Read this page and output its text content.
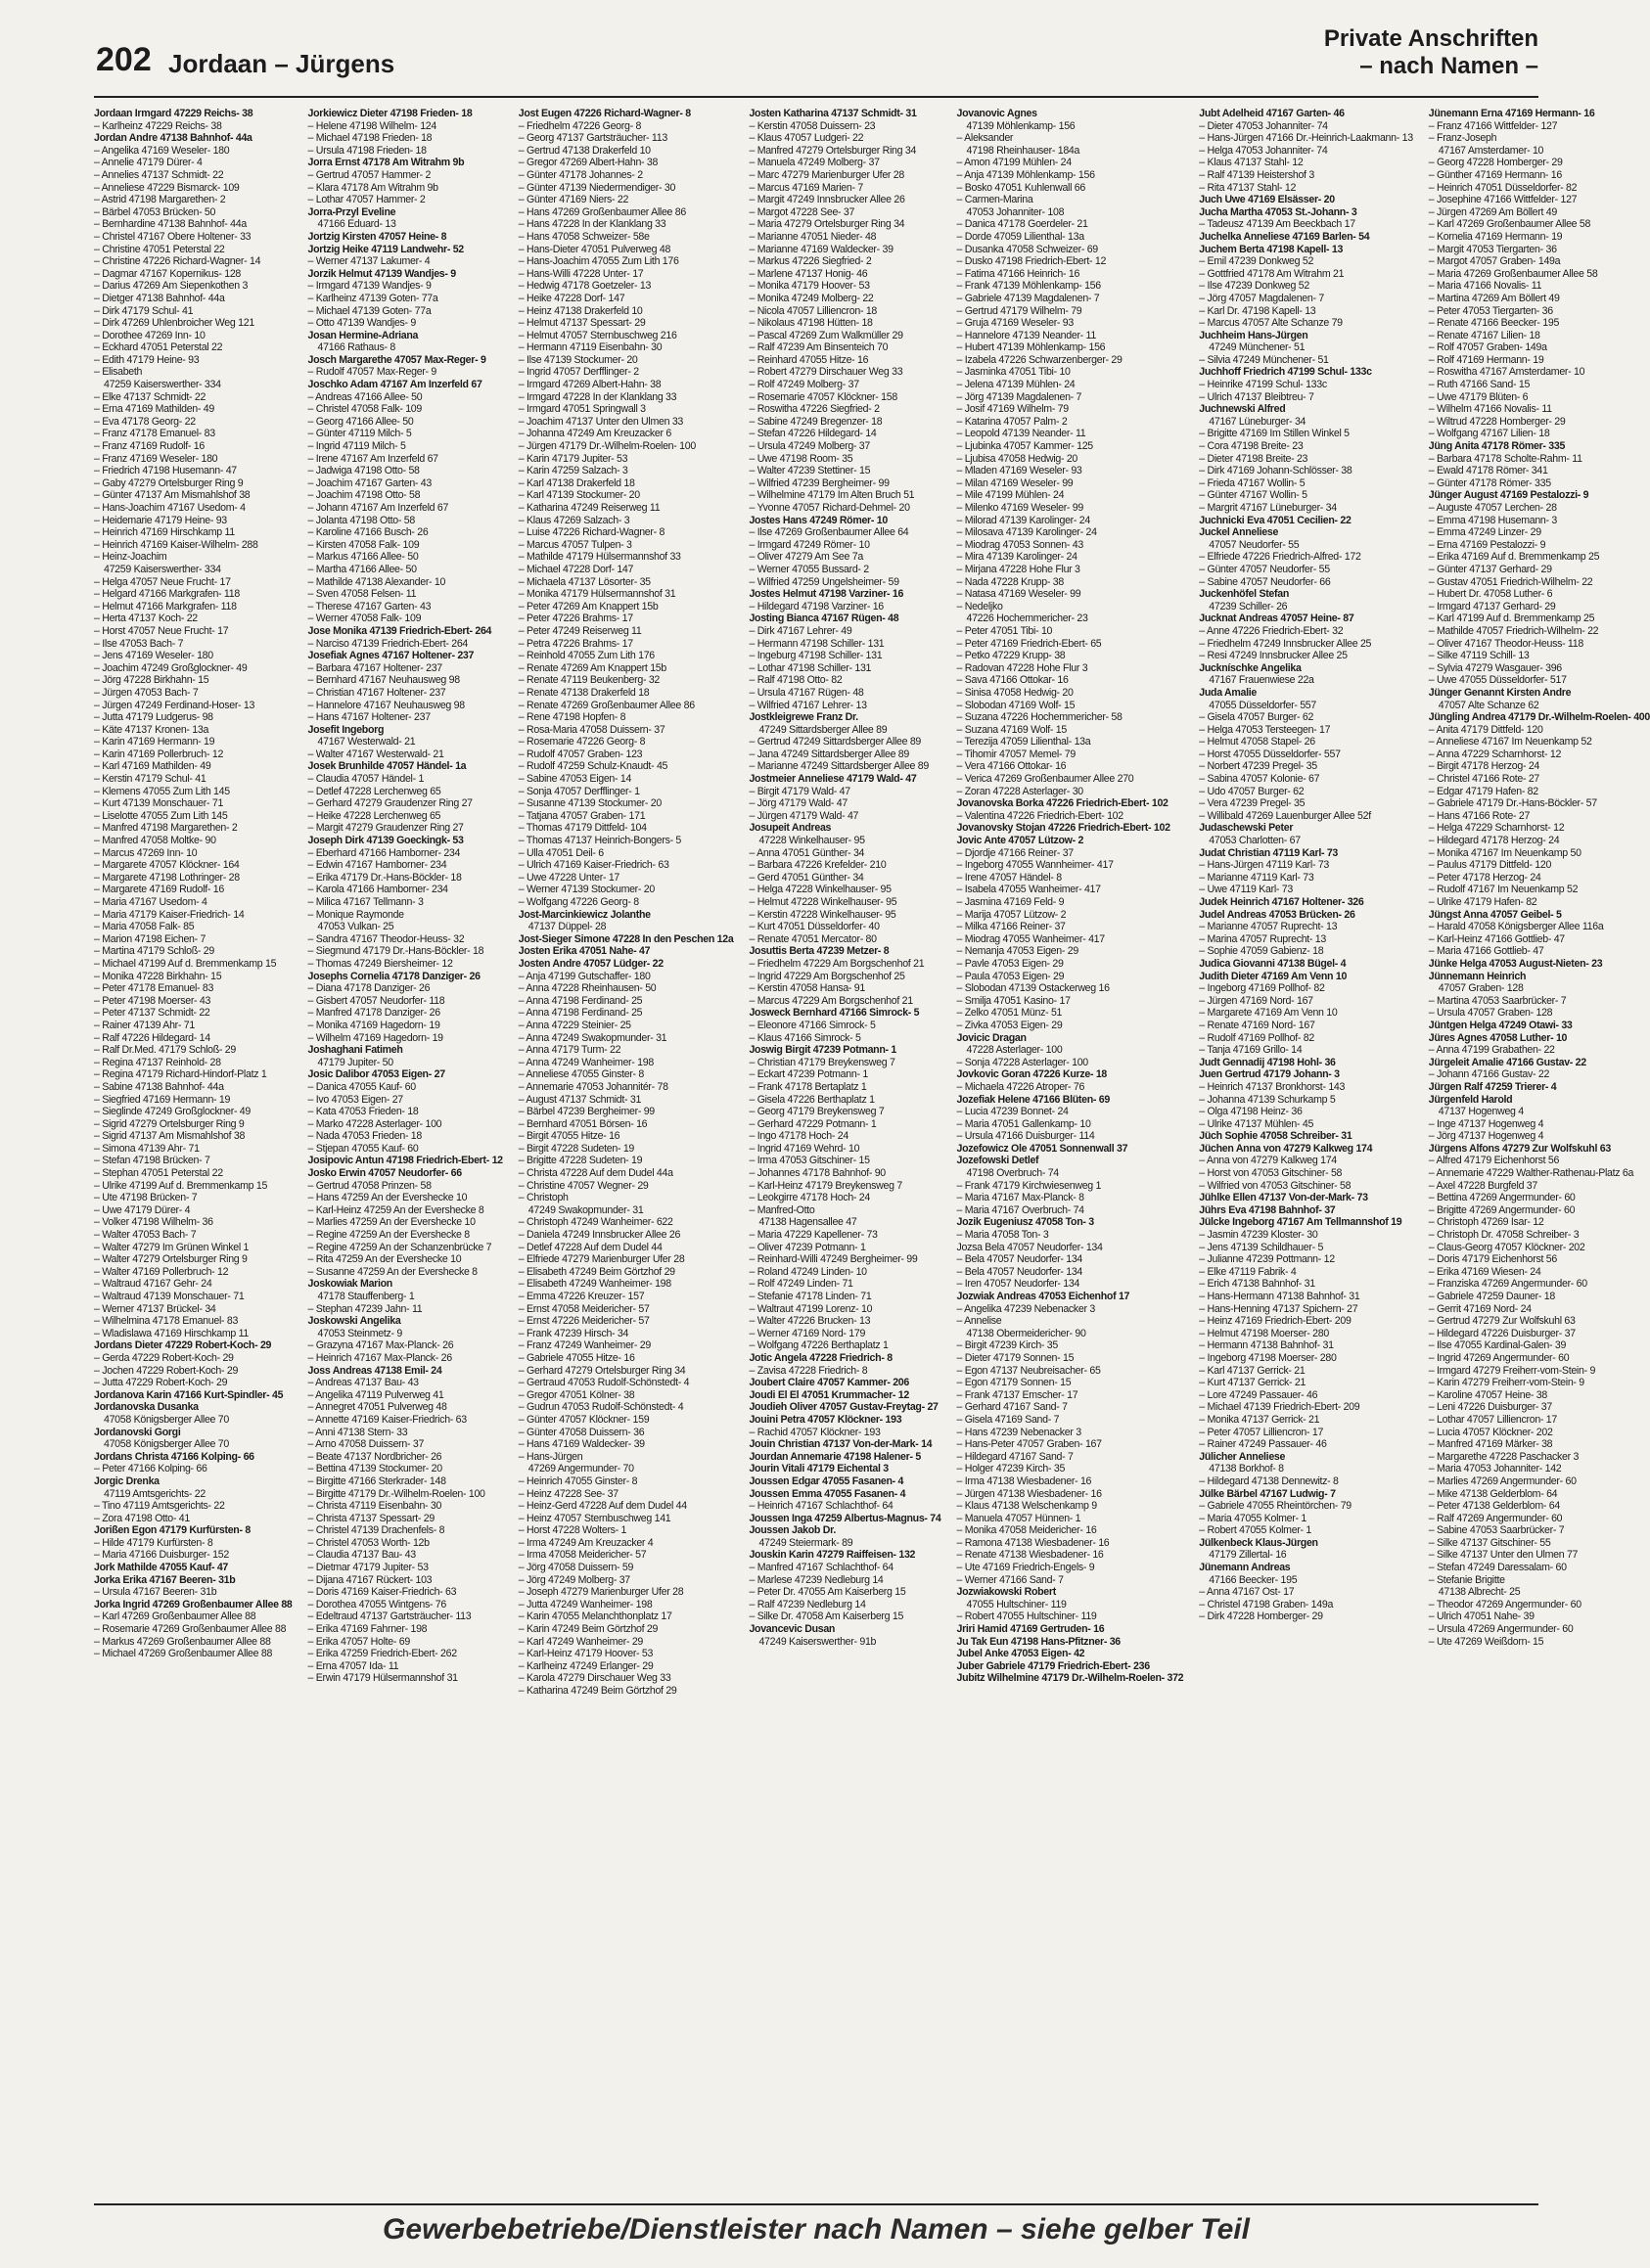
202 Jordaan – Jürgens
Private Anschriften
– nach Namen –
Jordaan Irmgard 47229 Reichs- 38
– Karlheinz 47229 Reichs- 38
Jordan Andre 47138 Bahnhof- 44a
– Angelika 47169 Weseler- 180
– Annelie 47179 Dürer- 4
– Annelies 47137 Schmidt- 22
– Anneliese 47229 Bismarck- 109
– Astrid 47198 Margarethen- 2
– Bärbel 47053 Brücken- 50
– Bernhardine 47138 Bahnhof- 44a
– Christel 47167 Obere Holtener- 33
– Christine 47051 Peterstal 22
– Christine 47226 Richard-Wagner- 14
– Dagmar 47167 Kopernikus- 128
– Darius 47269 Am Siepenkothen 3
– Dietger 47138 Bahnhof- 44a
– Dirk 47179 Schul- 41
– Dirk 47269 Uhlenbroicher Weg 121
– Dorothee 47269 Inn- 10
– Eckhard 47051 Peterstal 22
– Edith 47179 Heine- 93
– Elisabeth
47259 Kaiserswerther- 334
– Elke 47137 Schmidt- 22
– Erna 47169 Mathilden- 49
– Eva 47178 Georg- 22
– Franz 47178 Emanuel- 83
– Franz 47169 Rudolf- 16
– Franz 47169 Weseler- 180
– Friedrich 47198 Husemann- 47
– Gaby 47279 Ortelsburger Ring 9
– Günter 47137 Am Mismahlshof 38
– Hans-Joachim 47167 Usedom- 4
– Heidemarie 47179 Heine- 93
– Heinrich 47169 Hirschkamp 11
– Heinrich 47169 Kaiser-Wilhelm- 288
– Heinz-Joachim
47259 Kaiserswerther- 334
– Helga 47057 Neue Frucht- 17
– Helgard 47166 Markgrafen- 118
– Helmut 47166 Markgrafen- 118
– Herta 47137 Koch- 22
– Horst 47057 Neue Frucht- 17
– Ilse 47053 Bach- 7
– Jens 47169 Weseler- 180
– Joachim 47249 Großglockner- 49
– Jörg 47228 Birkhahn- 15
– Jürgen 47053 Bach- 7
– Jürgen 47249 Ferdinand-Hoser- 13
– Jutta 47179 Ludgerus- 98
– Käte 47137 Kronen- 13a
– Karin 47169 Hermann- 19
– Karin 47169 Pollerbruch- 12
– Karl 47169 Mathilden- 49
– Kerstin 47179 Schul- 41
– Klemens 47055 Zum Lith 145
– Kurt 47139 Monschauer- 71
– Liselotte 47055 Zum Lith 145
– Manfred 47198 Margarethen- 2
– Manfred 47058 Moltke- 90
– Marcus 47269 Inn- 10
– Margarete 47057 Klöckner- 164
– Margarete 47198 Lothringer- 28
– Margarete 47169 Rudolf- 16
– Maria 47167 Usedom- 4
– Maria 47179 Kaiser-Friedrich- 14
– Maria 47058 Falk- 85
– Marion 47198 Eichen- 7
– Martina 47179 Schloß- 29
– Michael 47199 Auf d. Bremmenkamp 15
– Monika 47228 Birkhahn- 15
– Peter 47178 Emanuel- 83
– Peter 47198 Moerser- 43
– Peter 47137 Schmidt- 22
– Rainer 47139 Ahr- 71
– Ralf 47226 Hildegard- 14
– Ralf Dr.Med. 47179 Schloß- 29
– Regina 47137 Reinhold- 28
– Regina 47179 Richard-Hindorf-Platz 1
– Sabine 47138 Bahnhof- 44a
– Siegfried 47169 Hermann- 19
– Sieglinde 47249 Großglockner- 49
– Sigrid 47279 Ortelsburger Ring 9
– Sigrid 47137 Am Mismahlshof 38
– Simona 47139 Ahr- 71
– Stefan 47198 Brücken- 7
– Stephan 47051 Peterstal 22
– Ulrike 47199 Auf d. Bremmenkamp 15
– Ute 47198 Brücken- 7
– Uwe 47179 Dürer- 4
– Volker 47198 Wilhelm- 36
– Walter 47053 Bach- 7
– Walter 47279 Im Grünen Winkel 1
– Walter 47279 Ortelsburger Ring 9
– Walter 47169 Pollerbruch- 12
– Waltraud 47167 Gehr- 24
– Waltraud 47139 Monschauer- 71
– Werner 47137 Brückel- 34
– Wilhelmina 47178 Emanuel- 83
– Wladislawa 47169 Hirschkamp 11
Jordans Dieter 47229 Robert-Koch- 29
– Gerda 47229 Robert-Koch- 29
– Jochen 47229 Robert-Koch- 29
– Jutta 47229 Robert-Koch- 29
Jordanova Karin 47166 Kurt-Spindler- 45
Jordanovska Dusanka
47058 Königsberger Allee 70
Jordanovski Gorgi
47058 Königsberger Allee 70
Jordans Christa 47166 Kolping- 66
– Peter 47166 Kolping- 66
Jorgic Drenka
47119 Amtsgerichts- 22
– Tino 47119 Amtsgerichts- 22
– Zora 47198 Otto- 41
Jorißen Egon 47179 Kurfürsten- 8
– Hilde 47179 Kurfürsten- 8
– Maria 47166 Duisburger- 152
Jork Mathilde 47055 Kauf- 47
Jorka Erika 47167 Beeren- 31b
– Ursula 47167 Beeren- 31b
Jorka Ingrid 47269 Großenbaumer Allee 88
– Karl 47269 Großenbaumer Allee 88
– Rosemarie 47269 Großenbaumer Allee 88
– Markus 47269 Großenbaumer Allee 88
– Michael 47269 Großenbaumer Allee 88
Jorkiewicz Dieter 47198 Frieden- 18
– Helene 47198 Wilhelm- 124
– Michael 47198 Frieden- 18
– Ursula 47198 Frieden- 18
Jorra Ernst 47178 Am Witrahm 9b
– Gertrud 47057 Hammer- 2
– Klara 47178 Am Witrahm 9b
– Lothar 47057 Hammer- 2
Jorra-Przyl Eveline
47166 Eduard- 13
Jortzig Kirsten 47057 Heine- 8
Jortzig Heike 47119 Landwehr- 52
– Werner 47137 Lakumer- 4
Jorzik Helmut 47139 Wandjes- 9
– Irmgard 47139 Wandjes- 9
– Karlheinz 47139 Goten- 77a
– Michael 47139 Goten- 77a
– Otto 47139 Wandjes- 9
Josan Hermine-Adriana
47166 Rathaus- 8
Josch Margarethe 47057 Max-Reger- 9
– Rudolf 47057 Max-Reger- 9
Joschko Adam 47167 Am Inzerfeld 67
– Andreas 47166 Allee- 50
– Christel 47058 Falk- 109
– Georg 47166 Allee- 50
– Günter 47119 Milch- 5
– Ingrid 47119 Milch- 5
– Irene 47167 Am Inzerfeld 67
– Jadwiga 47198 Otto- 58
– Joachim 47167 Garten- 43
– Joachim 47198 Otto- 58
– Johann 47167 Am Inzerfeld 67
– Jolanta 47198 Otto- 58
– Karoline 47166 Busch- 26
– Kirsten 47058 Falk- 109
– Markus 47166 Allee- 50
– Martha 47166 Allee- 50
– Mathilde 47138 Alexander- 10
– Sven 47058 Felsen- 11
– Therese 47167 Garten- 43
– Werner 47058 Falk- 109
Jose Monika 47139 Friedrich-Ebert- 264
– Narciso 47139 Friedrich-Ebert- 264
Josefiak Agnes 47167 Holtener- 237
– Barbara 47167 Holtener- 237
– Bernhard 47167 Neuhausweg 98
– Christian 47167 Holtener- 237
– Hannelore 47167 Neuhausweg 98
– Hans 47167 Holtener- 237
Josefit Ingeborg
47167 Westerwald- 21
– Walter 47167 Westerwald- 21
Josek Brunhilde 47057 Händel- 1a
– Claudia 47057 Händel- 1
– Detlef 47228 Lerchenweg 65
– Gerhard 47279 Graudenzer Ring 27
– Heike 47228 Lerchenweg 65
– Margit 47279 Graudenzer Ring 27
Joseph Dirk 47139 Goeckingk- 53
– Eberhard 47166 Hamborner- 234
– Edwin 47167 Hamborner- 234
– Erika 47179 Dr.-Hans-Böckler- 18
– Karola 47166 Hamborner- 234
– Milica 47167 Tellmann- 3
– Monique Raymonde
47053 Vulkan- 25
– Sandra 47167 Theodor-Heuss- 32
– Siegmund 47179 Dr.-Hans-Böckler- 18
– Thomas 47249 Biersheimer- 12
Josephs Cornelia 47178 Danziger- 26
– Diana 47178 Danziger- 26
– Gisbert 47057 Neudorfer- 118
– Manfred 47178 Danziger- 26
– Monika 47169 Hagedorn- 19
– Wilhelm 47169 Hagedorn- 19
Joshaghani Fatimeh
47179 Jupiter- 50
Josic Dalibor 47053 Eigen- 27
– Danica 47055 Kauf- 60
– Ivo 47053 Eigen- 27
– Kata 47053 Frieden- 18
– Marko 47228 Asterlager- 100
– Nada 47053 Frieden- 18
– Stjepan 47055 Kauf- 60
Josipovic Antun 47198 Friedrich-Ebert- 12
Josko Erwin 47057 Neudorfer- 66
– Gertrud 47058 Prinzen- 58
– Hans 47259 An der Evershecke 10
– Karl-Heinz 47259 An der Evershecke 8
– Marlies 47259 An der Evershecke 10
– Regine 47259 An der Evershecke 8
– Regine 47259 An der Schanzenbrücke 7
– Rita 47259 An der Evershecke 10
– Susanne 47259 An der Evershecke 8
Joskowiak Marion
47178 Stauffenberg- 1
– Stephan 47239 Jahn- 11
Joskowski Angelika
47053 Steinmetz- 9
– Grazyna 47167 Max-Planck- 26
– Heinrich 47167 Max-Planck- 26
Joss Andreas 47138 Emil- 24
– Andreas 47137 Bau- 43
– Angelika 47119 Pulverweg 41
– Annegret 47051 Pulverweg 48
– Annette 47169 Kaiser-Friedrich- 63
– Anni 47138 Stern- 33
– Arno 47058 Duissern- 37
– Beate 47137 Nordbricher- 26
– Bettina 47139 Stockumer- 20
– Birgitte 47166 Sterkrader- 148
– Birgitte 47179 Dr.-Wilhelm-Roelen- 100
– Christa 47119 Eisenbahn- 30
– Christa 47137 Spessart- 29
– Christel 47139 Drachenfels- 8
– Christel 47053 Worth- 12b
– Claudia 47137 Bau- 43
– Dietmar 47179 Jupiter- 53
– Dijana 47167 Rückert- 103
– Doris 47169 Kaiser-Friedrich- 63
– Dorothea 47055 Wintgens- 76
– Edeltraud 47137 Gartsträucher- 113
– Erika 47169 Fahrner- 198
– Erika 47057 Holte- 69
– Erika 47259 Friedrich-Ebert- 262
– Erna 47057 Ida- 11
– Erwin 47179 Hülsermannshof 31
Jost Eugen 47226 Richard-Wagner- 8
– Friedhelm 47226 Georg- 8
– Georg 47137 Gartsträucher- 113
– Gertrud 47138 Drakerfeld 10
– Gregor 47269 Albert-Hahn- 38
– Günter 47178 Johannes- 2
– Günter 47139 Niedermendiger- 30
– Günter 47169 Niers- 22
– Hans 47269 Großenbaumer Allee 86
– Hans 47228 In der Klanklang 33
– Hans 47058 Schweizer- 58e
– Hans-Dieter 47051 Pulverweg 48
– Hans-Joachim 47055 Zum Lith 176
– Hans-Willi 47228 Unter- 17
– Hedwig 47178 Goetzeler- 13
– Heike 47228 Dorf- 147
– Heinz 47138 Drakerfeld 10
– Helmut 47137 Spessart- 29
– Helmut 47057 Sternbuschweg 216
– Hermann 47119 Eisenbahn- 30
– Ilse 47139 Stockumer- 20
– Ingrid 47057 Derfflinger- 2
– Irmgard 47269 Albert-Hahn- 38
– Irmgard 47228 In der Klanklang 33
– Irmgard 47051 Springwall 3
– Joachim 47137 Unter den Ulmen 33
– Johanna 47249 Am Kreuzacker 6
– Jürgen 47179 Dr.-Wilhelm-Roelen- 100
– Karin 47179 Jupiter- 53
– Karin 47259 Salzach- 3
– Karl 47138 Drakerfeld 18
– Karl 47139 Stockumer- 20
– Katharina 47249 Reiserweg 11
– Klaus 47269 Salzach- 3
– Luise 47226 Richard-Wagner- 8
– Marcus 47057 Tulpen- 3
– Mathilde 47179 Hülsermannshof 33
– Michael 47228 Dorf- 147
– Michaela 47137 Lösorter- 35
– Monika 47179 Hülsermannshof 31
– Peter 47269 Am Knappert 15b
– Peter 47226 Brahms- 17
– Peter 47249 Reiserweg 11
– Petra 47226 Brahms- 17
– Reinhold 47055 Zum Lith 176
– Renate 47269 Am Knappert 15b
– Renate 47119 Beukenberg- 32
– Renate 47138 Drakerfeld 18
– Renate 47269 Großenbaumer Allee 86
– Rene 47198 Hopfen- 8
– Rosa-Maria 47058 Duissern- 37
– Rosemarie 47226 Georg- 8
– Rudolf 47057 Graben- 123
– Rudolf 47259 Schulz-Knaudt- 45
– Sabine 47053 Eigen- 14
– Sonja 47057 Derfflinger- 1
– Susanne 47139 Stockumer- 20
– Tatjana 47057 Graben- 171
– Thomas 47179 Dittfeld- 104
– Thomas 47137 Heinrich-Bongers- 5
– Ulla 47051 Deil- 6
– Ulrich 47169 Kaiser-Friedrich- 63
– Uwe 47228 Unter- 17
– Werner 47139 Stockumer- 20
– Wolfgang 47226 Georg- 8
Jost-Marcinkiewicz Jolanthe
47137 Düppel- 28
Jost-Sieger Simone 47228 In den Peschen 12a
Josten Erika 47051 Nahe- 47
Josten Andre 47057 Lüdger- 22
– Anja 47199 Gutschaffer- 180
– Anna 47228 Rheinhausen- 50
– Anna 47198 Ferdinand- 25
– Anna 47198 Ferdinand- 25
– Anna 47229 Steinier- 25
– Anna 47249 Swakopmunder- 31
– Anna 47179 Turm- 22
– Anna 47249 Wanheimer- 198
– Anneliese 47055 Ginster- 8
– Annemarie 47053 Johannitér- 78
– August 47137 Schmidt- 31
– Bärbel 47239 Bergheimer- 99
– Bernhard 47051 Börsen- 16
– Birgit 47055 Hitze- 16
– Birgit 47228 Sudeten- 19
– Brigitte 47228 Sudeten- 19
– Christa 47228 Auf dem Dudel 44a
– Christine 47057 Wegner- 29
– Christoph
47249 Swakopmunder- 31
– Christoph 47249 Wanheimer- 622
– Daniela 47249 Innsbrucker Allee 26
– Detlef 47228 Auf dem Dudel 44
– Elfriede 47279 Marienburger Ufer 28
– Elisabeth 47249 Beim Görtzhof 29
– Elisabeth 47249 Wanheimer- 198
– Emma 47226 Kreuzer- 157
– Ernst 47058 Meidericher- 57
– Ernst 47226 Meidericher- 57
– Frank 47239 Hirsch- 34
– Franz 47249 Wanheimer- 29
– Gabriele 47055 Hitze- 16
– Gerhard 47279 Ortelsburger Ring 34
– Gertraud 47053 Rudolf-Schönstedt- 4
– Gregor 47051 Kölner- 38
– Gudrun 47053 Rudolf-Schönstedt- 4
– Günter 47057 Klöckner- 159
– Günter 47058 Duissern- 36
– Hans 47169 Waldecker- 39
– Hans-Jürgen
47269 Angermunder- 70
– Heinrich 47055 Ginster- 8
– Heinz 47228 See- 37
– Heinz-Gerd 47228 Auf dem Dudel 44
– Heinz 47057 Sternbuschweg 141
– Horst 47228 Wolters- 1
– Irma 47249 Am Kreuzacker 4
– Irma 47058 Meidericher- 57
– Jörg 47058 Duissern- 59
– Jörg 47249 Molberg- 37
– Joseph 47279 Marienburger Ufer 28
– Jutta 47249 Wanheimer- 198
– Karin 47055 Melanchthonplatz 17
– Karin 47249 Beim Görtzhof 29
– Karl 47249 Wanheimer- 29
– Karl-Heinz 47179 Hoover- 53
– Karlheinz 47249 Erlanger- 29
– Karola 47279 Dirschauer Weg 33
– Katharina 47249 Beim Görtzhof 29
Josten Katharina 47137 Schmidt- 31
– Kerstin 47058 Duissern- 23
– Klaus 47057 Ludgeri- 22
– Manfred 47279 Ortelsburger Ring 34
– Manuela 47249 Molberg- 37
– Marc 47279 Marienburger Ufer 28
– Marcus 47169 Marien- 7
– Margit 47249 Innsbrucker Allee 26
– Margot 47228 See- 37
– Maria 47279 Ortelsburger Ring 34
– Marianne 47051 Nieder- 48
– Marianne 47169 Waldecker- 39
– Markus 47226 Siegfried- 2
– Marlene 47137 Honig- 46
– Monika 47179 Hoover- 53
– Monika 47249 Molberg- 22
– Nicola 47057 Lilliencron- 18
– Nikolaus 47198 Hütten- 18
– Pascal 47269 Zum Walkmüller 29
– Ralf 47239 Am Binsenteich 70
– Reinhard 47055 Hitze- 16
– Robert 47279 Dirschauer Weg 33
– Rolf 47249 Molberg- 37
– Rosemarie 47057 Klöckner- 158
– Roswitha 47226 Siegfried- 2
– Sabine 47249 Bregenzer- 18
– Stefan 47226 Hildegard- 14
– Ursula 47249 Molberg- 37
– Uwe 47198 Room- 35
– Walter 47239 Stettiner- 15
– Wilfried 47239 Bergheimer- 99
– Wilhelmine 47179 Im Alten Bruch 51
– Yvonne 47057 Richard-Dehmel- 20
Jostes Hans 47249 Römer- 10
– Ilse 47269 Großenbaumer Allee 64
– Irmgard 47249 Römer- 10
– Oliver 47279 Am See 7a
– Werner 47055 Bussard- 2
– Wilfried 47259 Ungelsheimer- 59
Jostes Helmut 47198 Varziner- 16
– Hildegard 47198 Varziner- 16
Josting Bianca 47167 Rügen- 48
– Dirk 47167 Lehrer- 49
– Hermann 47198 Schiller- 131
– Ingeburg 47198 Schiller- 131
– Lothar 47198 Schiller- 131
– Ralf 47198 Otto- 82
– Ursula 47167 Rügen- 48
– Wilfried 47167 Lehrer- 13
Jostkleigrewe Franz Dr.
47249 Sittardsberger Allee 89
– Gertrud 47249 Sittardsberger Allee 89
– Jana 47249 Sittardsberger Allee 89
– Marianne 47249 Sittardsberger Allee 89
Jostmeier Anneliese 47179 Wald- 47
– Birgit 47179 Wald- 47
– Jörg 47179 Wald- 47
– Jürgen 47179 Wald- 47
Josupeit Andreas
47228 Winkelhauser- 95
– Anna 47051 Günther- 34
– Barbara 47226 Krefelder- 210
– Gerd 47051 Günther- 34
– Helga 47228 Winkelhauser- 95
– Helmut 47228 Winkelhauser- 95
– Kerstin 47228 Winkelhauser- 95
– Kurt 47051 Düsseldorfer- 40
– Renate 47051 Mercator- 80
Josuttis Berta 47239 Metzer- 8
– Friedhelm 47229 Am Borgschenhof 21
– Ingrid 47229 Am Borgschenhof 25
– Kerstin 47058 Hansa- 91
– Marcus 47229 Am Borgschenhof 21
Josweck Bernhard 47166 Simrock- 5
– Eleonore 47166 Simrock- 5
– Klaus 47166 Simrock- 5
Joswig Birgit 47239 Potmann- 1
– Christian 47179 Breykensweg 7
– Eckart 47239 Potmann- 1
– Frank 47178 Bertaplatz 1
– Gisela 47226 Berthaplatz 1
– Georg 47179 Breykensweg 7
– Gerhard 47229 Potmann- 1
– Ingo 47178 Hoch- 24
– Ingrid 47169 Wehrd- 10
– Irma 47053 Gitschiner- 15
– Johannes 47178 Bahnhof- 90
– Karl-Heinz 47179 Breykensweg 7
– Leokgirre 47178 Hoch- 24
– Manfred-Otto
47138 Hagensallee 47
– Maria 47229 Kapellener- 73
– Oliver 47239 Potmann- 1
– Reinhard-Willi 47249 Bergheimer- 99
– Roland 47249 Linden- 10
– Rolf 47249 Linden- 71
– Stefanie 47178 Linden- 71
– Waltraut 47199 Lorenz- 10
– Walter 47226 Brucken- 13
– Werner 47169 Nord- 179
– Wolfgang 47226 Berthaplatz 1
Jotic Angela 47228 Friedrich- 8
– Zavisa 47228 Friedrich- 8
Joubert Claire 47057 Kammer- 206
Joudi El El 47051 Krummacher- 12
Joudieh Oliver 47057 Gustav-Freytag- 27
Jouini Petra 47057 Klöckner- 193
– Rachid 47057 Klöckner- 193
Jouin Christian 47137 Von-der-Mark- 14
Jourdan Annemarie 47198 Halener- 5
Jourin Vitali 47179 Eichental 3
Joussen Edgar 47055 Fasanen- 4
Joussen Emma 47055 Fasanen- 4
– Heinrich 47167 Schlachthof- 64
Joussen Inga 47259 Albertus-Magnus- 74
Joussen Jakob Dr.
47249 Steiermark- 89
Jouskin Karin 47279 Raiffeisen- 132
– Manfred 47167 Schlachthof- 64
– Marlese 47239 Nedleburg 14
– Peter Dr. 47055 Am Kaiserberg 15
– Ralf 47239 Nedleburg 14
– Silke Dr. 47058 Am Kaiserberg 15
Jovancevic Dusan
47249 Kaiserswerther- 91b
Jovanovic Agnes
47139 Möhlenkamp- 156
– Aleksander
47198 Rheinhauser- 184a
– Amon 47199 Mühlen- 24
– Anja 47139 Möhlenkamp- 156
– Bosko 47051 Kuhlenwall 66
– Carmen-Marina
47053 Johanniter- 108
– Danica 47178 Goerdeler- 21
– Dorde 47059 Lilienthal- 13a
– Dusanka 47058 Schweizer- 69
– Dusko 47198 Friedrich-Ebert- 12
– Fatima 47166 Heinrich- 16
– Frank 47139 Möhlenkamp- 156
– Gabriele 47139 Magdalenen- 7
– Gertrud 47179 Wilhelm- 79
– Gruja 47169 Weseler- 93
– Hannelore 47139 Neander- 11
– Hubert 47139 Möhlenkamp- 156
– Izabela 47226 Schwarzenberger- 29
– Jasminka 47051 Tibi- 10
– Jelena 47139 Mühlen- 24
– Jörg 47139 Magdalenen- 7
– Josif 47169 Wilhelm- 79
– Katarina 47057 Palm- 2
– Leopold 47139 Neander- 11
– Ljubinka 47057 Kammer- 125
– Ljubisa 47058 Hedwig- 20
– Mladen 47169 Weseler- 93
– Milan 47169 Weseler- 99
– Mile 47199 Mühlen- 24
– Milenko 47169 Weseler- 99
– Milorad 47139 Karolinger- 24
– Milosava 47139 Karolinger- 24
– Miodrag 47053 Sonnen- 43
– Mira 47139 Karolinger- 24
– Mirjana 47228 Hohe Flur 3
– Nada 47228 Krupp- 38
– Natasa 47169 Weseler- 99
– Nedeljko
47226 Hochemmericher- 23
– Peter 47051 Tibi- 10
– Peter 47169 Friedrich-Ebert- 65
– Petko 47229 Krupp- 38
– Radovan 47228 Hohe Flur 3
– Sava 47166 Ottokar- 16
– Sinisa 47058 Hedwig- 20
– Slobodan 47169 Wolf- 15
– Suzana 47226 Hochemmericher- 58
– Suzana 47169 Wolf- 15
– Terezija 47059 Lilienthal- 13a
– Tihomir 47057 Memel- 79
– Vera 47166 Ottokar- 16
– Verica 47269 Großenbaumer Allee 270
– Zoran 47228 Asterlager- 30
Jovanovska Borka 47226 Friedrich-Ebert- 102
– Valentina 47226 Friedrich-Ebert- 102
Jovanovsky Stojan 47226 Friedrich-Ebert- 102
Jovic Ante 47057 Lützow- 2
– Djordje 47166 Reiner- 37
– Ingeborg 47055 Wannheimer- 417
– Irene 47057 Händel- 8
– Isabela 47055 Wanheimer- 417
– Jasmina 47169 Feld- 9
– Marija 47057 Lützow- 2
– Milka 47166 Reiner- 37
– Miodrag 47055 Wanheimer- 417
– Nemanja 47053 Eigen- 29
– Pavle 47053 Eigen- 29
– Paula 47053 Eigen- 29
– Slobodan 47139 Ostackerweg 16
– Smilja 47051 Kasino- 17
– Zelko 47051 Münz- 51
– Zivka 47053 Eigen- 29
Jovicic Dragan
47228 Asterlager- 100
– Sonja 47228 Asterlager- 100
Jovkovic Goran 47226 Kurze- 18
– Michaela 47226 Atroper- 76
Jozefiak Helene 47166 Blüten- 69
– Lucia 47239 Bonnet- 24
– Maria 47051 Gallenkamp- 10
– Ursula 47166 Duisburger- 114
Jozefowicz Ole 47051 Sonnenwall 37
Jozefowski Detlef
47198 Overbruch- 74
– Frank 47179 Kirchwiesenweg 1
– Maria 47167 Max-Planck- 8
– Maria 47167 Overbruch- 74
Jozik Eugeniusz 47058 Ton- 3
– Maria 47058 Ton- 3
Jozsa Bela 47057 Neudorfer- 134
– Bela 47057 Neudorfer- 134
– Bela 47057 Neudorfer- 134
– Iren 47057 Neudorfer- 134
Jozwiak Andreas 47053 Eichenhof 17
– Angelika 47239 Nebenacker 3
– Annelise
47138 Obermeidericher- 90
– Birgit 47239 Kirch- 35
– Dieter 47179 Sonnen- 15
– Egon 47137 Neubreisacher- 65
– Egon 47179 Sonnen- 15
– Frank 47137 Emscher- 17
– Gerhard 47167 Sand- 7
– Gisela 47169 Sand- 7
– Hans 47239 Nebenacker 3
– Hans-Peter 47057 Graben- 167
– Hildegard 47167 Sand- 7
– Holger 47239 Kirch- 35
– Irma 47138 Wiesbadener- 16
– Jürgen 47138 Wiesbadener- 16
– Klaus 47138 Welschenkamp 9
– Manuela 47057 Hünnen- 1
– Monika 47058 Meidericher- 16
– Ramona 47138 Wiesbadener- 16
– Renate 47138 Wiesbadener- 16
– Ute 47169 Friedrich-Engels- 9
– Werner 47166 Sand- 7
Jozwiakowski Robert
47055 Hultschiner- 119
– Robert 47055 Hultschiner- 119
Jriri Hamid 47169 Gertruden- 16
Ju Tak Eun 47198 Hans-Pfitzner- 36
Jubel Anke 47053 Eigen- 42
Juber Gabriele 47179 Friedrich-Ebert- 236
Jubitz Wilhelmine 47179 Dr.-Wilhelm-Roelen- 372
Jubt Adelheid 47167 Garten- 46
– Dieter 47053 Johanniter- 74
– Hans-Jürgen 47166 Dr.-Heinrich-Laakmann- 13
– Helga 47053 Johanniter- 74
– Klaus 47137 Stahl- 12
– Ralf 47139 Heistershof 3
– Rita 47137 Stahl- 12
Juch Uwe 47169 Elsässer- 20
Jucha Martha 47053 St.-Johann- 3
– Tadeusz 47139 Am Beeckbach 17
Juchelka Anneliese 47169 Barlen- 54
Juchem Berta 47198 Kapell- 13
– Emil 47239 Donkweg 52
– Gottfried 47178 Am Witrahm 21
– Ilse 47239 Donkweg 52
– Jörg 47057 Magdalenen- 7
– Karl Dr. 47198 Kapell- 13
– Marcus 47057 Alte Schanze 79
Juchheim Hans-Jürgen
47249 Münchener- 51
– Silvia 47249 Münchener- 51
Juchhoff Friedrich 47199 Schul- 133c
– Heinrike 47199 Schul- 133c
– Ulrich 47137 Bleibtreu- 7
Juchnewski Alfred
47167 Lüneburger- 34
– Brigitte 47169 Im Stillen Winkel 5
– Cora 47198 Breite- 23
– Dieter 47198 Breite- 23
– Dirk 47169 Johann-Schlösser- 38
– Frieda 47167 Wollin- 5
– Günter 47167 Wollin- 5
– Margrit 47167 Lüneburger- 34
Juchnicki Eva 47051 Cecilien- 22
Juckel Anneliese
47057 Neudorfer- 55
– Elfriede 47226 Friedrich-Alfred- 172
– Günter 47057 Neudorfer- 55
– Sabine 47057 Neudorfer- 66
Juckenhöfel Stefan
47239 Schiller- 26
Jucknat Andreas 47057 Heine- 87
– Anne 47226 Friedrich-Ebert- 32
– Friedhelm 47249 Innsbrucker Allee 25
– Resi 47249 Innsbrucker Allee 25
Juckníschke Angelika
47167 Frauenwiese 22a
Juda Amalie
47055 Düsseldorfer- 557
– Gisela 47057 Burger- 62
– Helga 47053 Tersteegen- 17
– Helmut 47058 Stapel- 26
– Horst 47055 Düsseldorfer- 557
– Norbert 47239 Pregel- 35
– Sabina 47057 Kolonie- 67
– Udo 47057 Burger- 62
– Vera 47239 Pregel- 35
– Willibald 47269 Lauenburger Allee 52f
Judaschewski Peter
47053 Charlotten- 67
Judat Christian 47119 Karl- 73
– Hans-Jürgen 47119 Karl- 73
– Marianne 47119 Karl- 73
– Uwe 47119 Karl- 73
Judek Heinrich 47167 Holtener- 326
Judel Andreas 47053 Brücken- 26
– Marianne 47057 Ruprecht- 13
– Marina 47057 Ruprecht- 13
– Sophie 47059 Gabienz- 18
Judica Giovanni 47138 Bügel- 4
Judith Dieter 47169 Am Venn 10
– Ingeborg 47169 Pollhof- 82
– Jürgen 47169 Nord- 167
– Margarete 47169 Am Venn 10
– Renate 47169 Nord- 167
– Rudolf 47169 Pollhof- 82
– Tanja 47169 Grillo- 14
Judt Gennadij 47198 Hohl- 36
Juen Gertrud 47179 Johann- 3
– Heinrich 47137 Bronkhorst- 143
– Johanna 47139 Schurkamp 5
– Olga 47198 Heinz- 36
– Ulrike 47137 Mühlen- 45
Jüch Sophie 47058 Schreiber- 31
Jüchen Anna von 47279 Kalkweg 174
– Anna von 47279 Kalkweg 174
– Horst von 47053 Gitschiner- 58
– Wilfried von 47053 Gitschiner- 58
Jühlke Ellen 47137 Von-der-Mark- 73
Jührs Eva 47198 Bahnhof- 37
Jülcke Ingeborg 47167 Am Tellmannshof 19
– Jasmin 47239 Kloster- 30
– Jens 47139 Schildhauer- 5
– Julianne 47239 Pottmann- 12
– Elke 47119 Fabrik- 4
– Erich 47138 Bahnhof- 31
– Hans-Hermann 47138 Bahnhof- 31
– Hans-Henning 47137 Spichern- 27
– Heinz 47169 Friedrich-Ebert- 209
– Helmut 47198 Moerser- 280
– Hermann 47138 Bahnhof- 31
– Ingeborg 47198 Moerser- 280
– Karl 47137 Gerrick- 21
– Kurt 47137 Gerrick- 21
– Lore 47249 Passauer- 46
– Michael 47139 Friedrich-Ebert- 209
– Monika 47137 Gerrick- 21
– Peter 47057 Lilliencron- 17
– Rainer 47249 Passauer- 46
Jülicher Anneliese
47138 Borkhof- 8
– Hildegard 47138 Dennewitz- 8
Jülke Bärbel 47167 Ludwig- 7
– Gabriele 47055 Rheintörchen- 79
– Maria 47055 Kolmer- 1
– Robert 47055 Kolmer- 1
Jülkenbeck Klaus-Jürgen
47179 Zillertal- 16
Jünemann Andreas
47166 Beecker- 195
– Anna 47167 Ost- 17
– Christel 47198 Graben- 149a
– Dirk 47228 Homberger- 29
Jünemann Erna 47169 Hermann- 16
– Franz 47166 Wittfelder- 127
– Franz-Joseph
47167 Amsterdamer- 10
– Georg 47228 Homberger- 29
– Günther 47169 Hermann- 16
– Heinrich 47051 Düsseldorfer- 82
– Josephine 47166 Wittfelder- 127
– Jürgen 47269 Am Böllert 49
– Karl 47269 Großenbaumer Allee 58
– Kornelia 47169 Hermann- 19
– Margit 47053 Tiergarten- 36
– Margot 47057 Graben- 149a
– Maria 47269 Großenbaumer Allee 58
– Maria 47166 Novalis- 11
– Martina 47269 Am Böllert 49
– Peter 47053 Tiergarten- 36
– Renate 47166 Beecker- 195
– Renate 47167 Lilien- 18
– Rolf 47057 Graben- 149a
– Rolf 47169 Hermann- 19
– Roswitha 47167 Amsterdamer- 10
– Ruth 47166 Sand- 15
– Uwe 47179 Blüten- 6
– Wilhelm 47166 Novalis- 11
– Wiltrud 47228 Homberger- 29
– Wolfgang 47167 Lilien- 18
Jüng Anita 47178 Römer- 335
– Barbara 47178 Scholte-Rahm- 11
– Ewald 47178 Römer- 341
– Günter 47178 Römer- 335
Jünger August 47169 Pestalozzi- 9
– Auguste 47057 Lerchen- 28
– Emma 47198 Husemann- 3
– Emma 47249 Linzer- 29
– Erna 47169 Pestalozzi- 9
– Erika 47169 Auf d. Bremmenkamp 25
– Günter 47137 Gerhard- 29
– Gustav 47051 Friedrich-Wilhelm- 22
– Hubert Dr. 47058 Luther- 6
– Irmgard 47137 Gerhard- 29
– Karl 47199 Auf d. Bremmenkamp 25
– Mathilde 47057 Friedrich-Wilhelm- 22
– Oliver 47167 Theodor-Heuss- 118
– Silke 47119 Schill- 13
– Sylvia 47279 Wasgauer- 396
– Uwe 47055 Düsseldorfer- 517
Jünger Genannt Kirsten Andre
47057 Alte Schanze 62
Jüngling Andrea 47179 Dr.-Wilhelm-Roelen- 400
– Anita 47179 Dittfeld- 120
– Anneliese 47167 Im Neuenkamp 52
– Anna 47229 Scharnhorst- 12
– Birgit 47178 Herzog- 24
– Christel 47166 Rote- 27
– Edgar 47179 Hafen- 82
– Gabriele 47179 Dr.-Hans-Böckler- 57
– Hans 47166 Rote- 27
– Helga 47229 Scharnhorst- 12
– Hildegard 47178 Herzog- 24
– Monika 47167 Im Neuenkamp 50
– Paulus 47179 Dittfeld- 120
– Peter 47178 Herzog- 24
– Rudolf 47167 Im Neuenkamp 52
– Ulrike 47179 Hafen- 82
Jüngst Anna 47057 Geibel- 5
– Harald 47058 Königsberger Allee 116a
– Karl-Heinz 47166 Gottlieb- 47
– Maria 47166 Gottlieb- 47
Jünke Helga 47053 August-Nieten- 23
Jünnemann Heinrich
47057 Graben- 128
– Martina 47053 Saarbrücker- 7
– Ursula 47057 Graben- 128
Jüntgen Helga 47249 Otawi- 33
Jüres Agnes 47058 Luther- 10
– Anna 47199 Grabathen- 22
Jürgeleit Amalie 47166 Gustav- 22
– Johann 47166 Gustav- 22
Jürgen Ralf 47259 Trierer- 4
Jürgenfeld Harold
47137 Hogenweg 4
– Inge 47137 Hogenweg 4
– Jörg 47137 Hogenweg 4
Jürgens Alfons 47279 Zur Wolfskuhl 63
– Alfred 47179 Eichenhorst 56
– Annemarie 47229 Walther-Rathenau-Platz 6a
– Axel 47228 Burgfeld 37
– Bettina 47269 Angermunder- 60
– Brigitte 47269 Angermunder- 60
– Christoph 47269 Isar- 12
– Christoph Dr. 47058 Schreiber- 3
– Claus-Georg 47057 Klöckner- 202
– Doris 47179 Eichenhorst 56
– Erika 47169 Wiesen- 24
– Franziska 47269 Angermunder- 60
– Gabriele 47259 Dauner- 18
– Gerrit 47169 Nord- 24
– Gertrud 47279 Zur Wolfskuhl 63
– Hildegard 47226 Duisburger- 37
– Ilse 47055 Kardinal-Galen- 39
– Ingrid 47269 Angermunder- 60
– Irmgard 47279 Freiherr-vom-Stein- 9
– Karin 47279 Freiherr-vom-Stein- 9
– Karoline 47057 Heine- 38
– Leni 47226 Duisburger- 37
– Lothar 47057 Lilliencron- 17
– Lucia 47057 Klöckner- 202
– Manfred 47169 Märker- 38
– Margarethe 47228 Paschacker 3
– Maria 47053 Johanniter- 142
– Marlies 47269 Angermunder- 60
– Mike 47138 Gelderblom- 64
– Peter 47138 Gelderblom- 64
– Ralf 47269 Angermunder- 60
– Sabine 47053 Saarbrücker- 7
– Silke 47137 Gitschiner- 55
– Silke 47137 Unter den Ulmen 77
– Stefan 47249 Daressalam- 60
– Stefanie Brigitte
47138 Albrecht- 25
– Theodor 47269 Angermunder- 60
– Ulrich 47051 Nahe- 39
– Ursula 47269 Angermunder- 60
– Ute 47269 Weißdorn- 15
Gewerbebetriebe/Dienstleister nach Namen – siehe gelber Teil
